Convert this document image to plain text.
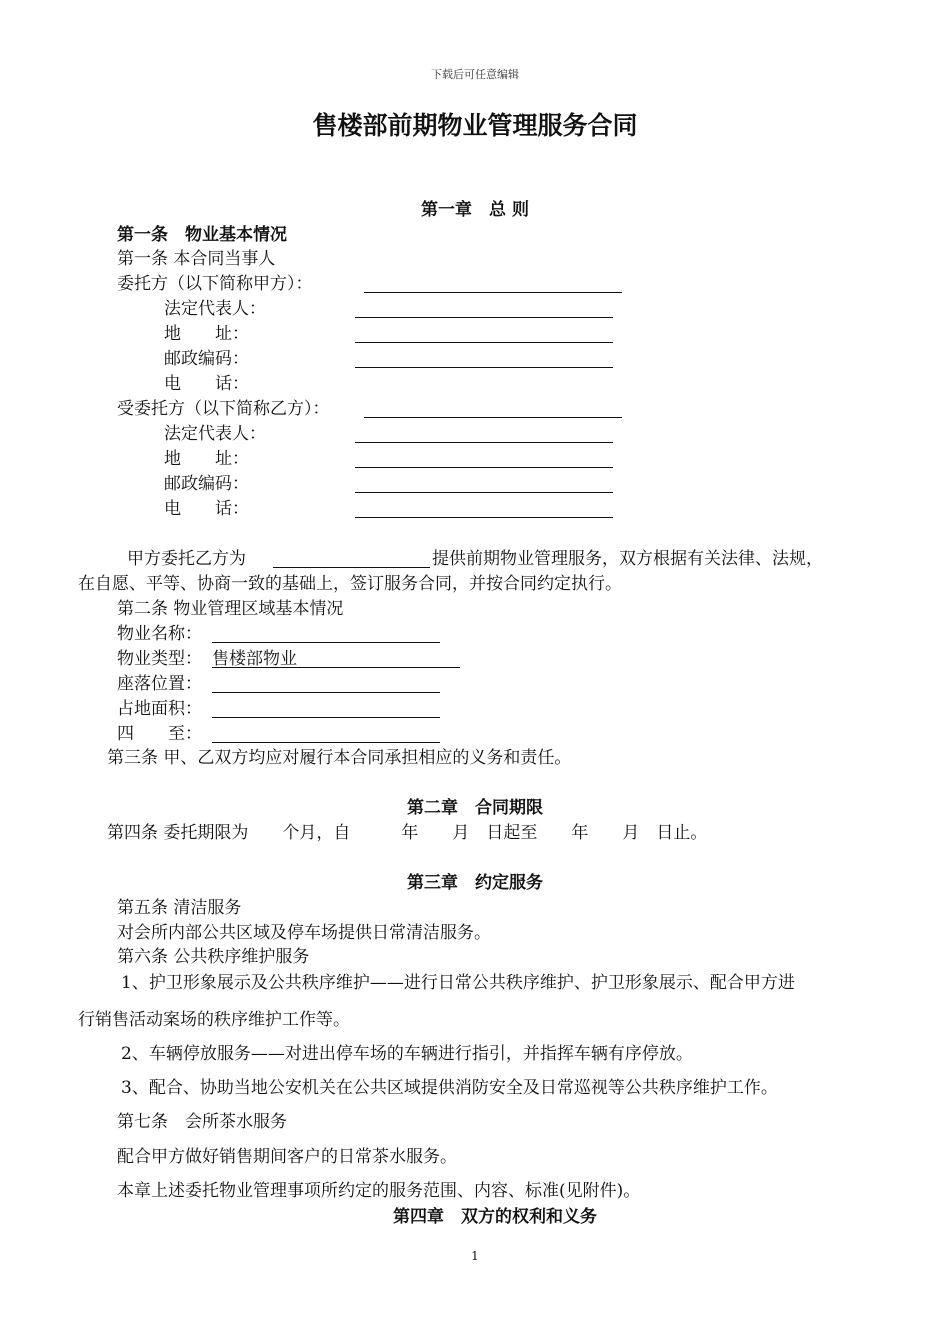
下载后可任意编辑
售楼部前期物业管理服务合同
第一章　总 则
第一条　物业基本情况
第一条 本合同当事人
委托方（以下简称甲方）：
法定代表人：
地　　址：
邮政编码：
电　　话：
受委托方（以下简称乙方）：
法定代表人：
地　　址：
邮政编码：
电　　话：
甲方委托乙方为	提供前期物业管理服务，双方根据有关法律、法规，
在自愿、平等、协商一致的基础上，签订服务合同，并按合同约定执行。
第二条 物业管理区域基本情况
物业名称：
物业类型： 售楼部物业
座落位置：
占地面积：
四　　至：
第三条 甲、乙双方均应对履行本合同承担相应的义务和责任。
第二章　合同期限
第四条 委托期限为　　个月，自　　　年　　月　日起至　　年　　月　日止。
第三章　约定服务
第五条 清洁服务
对会所内部公共区域及停车场提供日常清洁服务。
第六条 公共秩序维护服务
1、护卫形象展示及公共秩序维护——进行日常公共秩序维护、护卫形象展示、配合甲方进
行销售活动案场的秩序维护工作等。
2、车辆停放服务——对进出停车场的车辆进行指引，并指挥车辆有序停放。
3、配合、协助当地公安机关在公共区域提供消防安全及日常巡视等公共秩序维护工作。
第七条　会所茶水服务
配合甲方做好销售期间客户的日常茶水服务。
本章上述委托物业管理事项所约定的服务范围、内容、标准(见附件)。
第四章　双方的权利和义务
1
